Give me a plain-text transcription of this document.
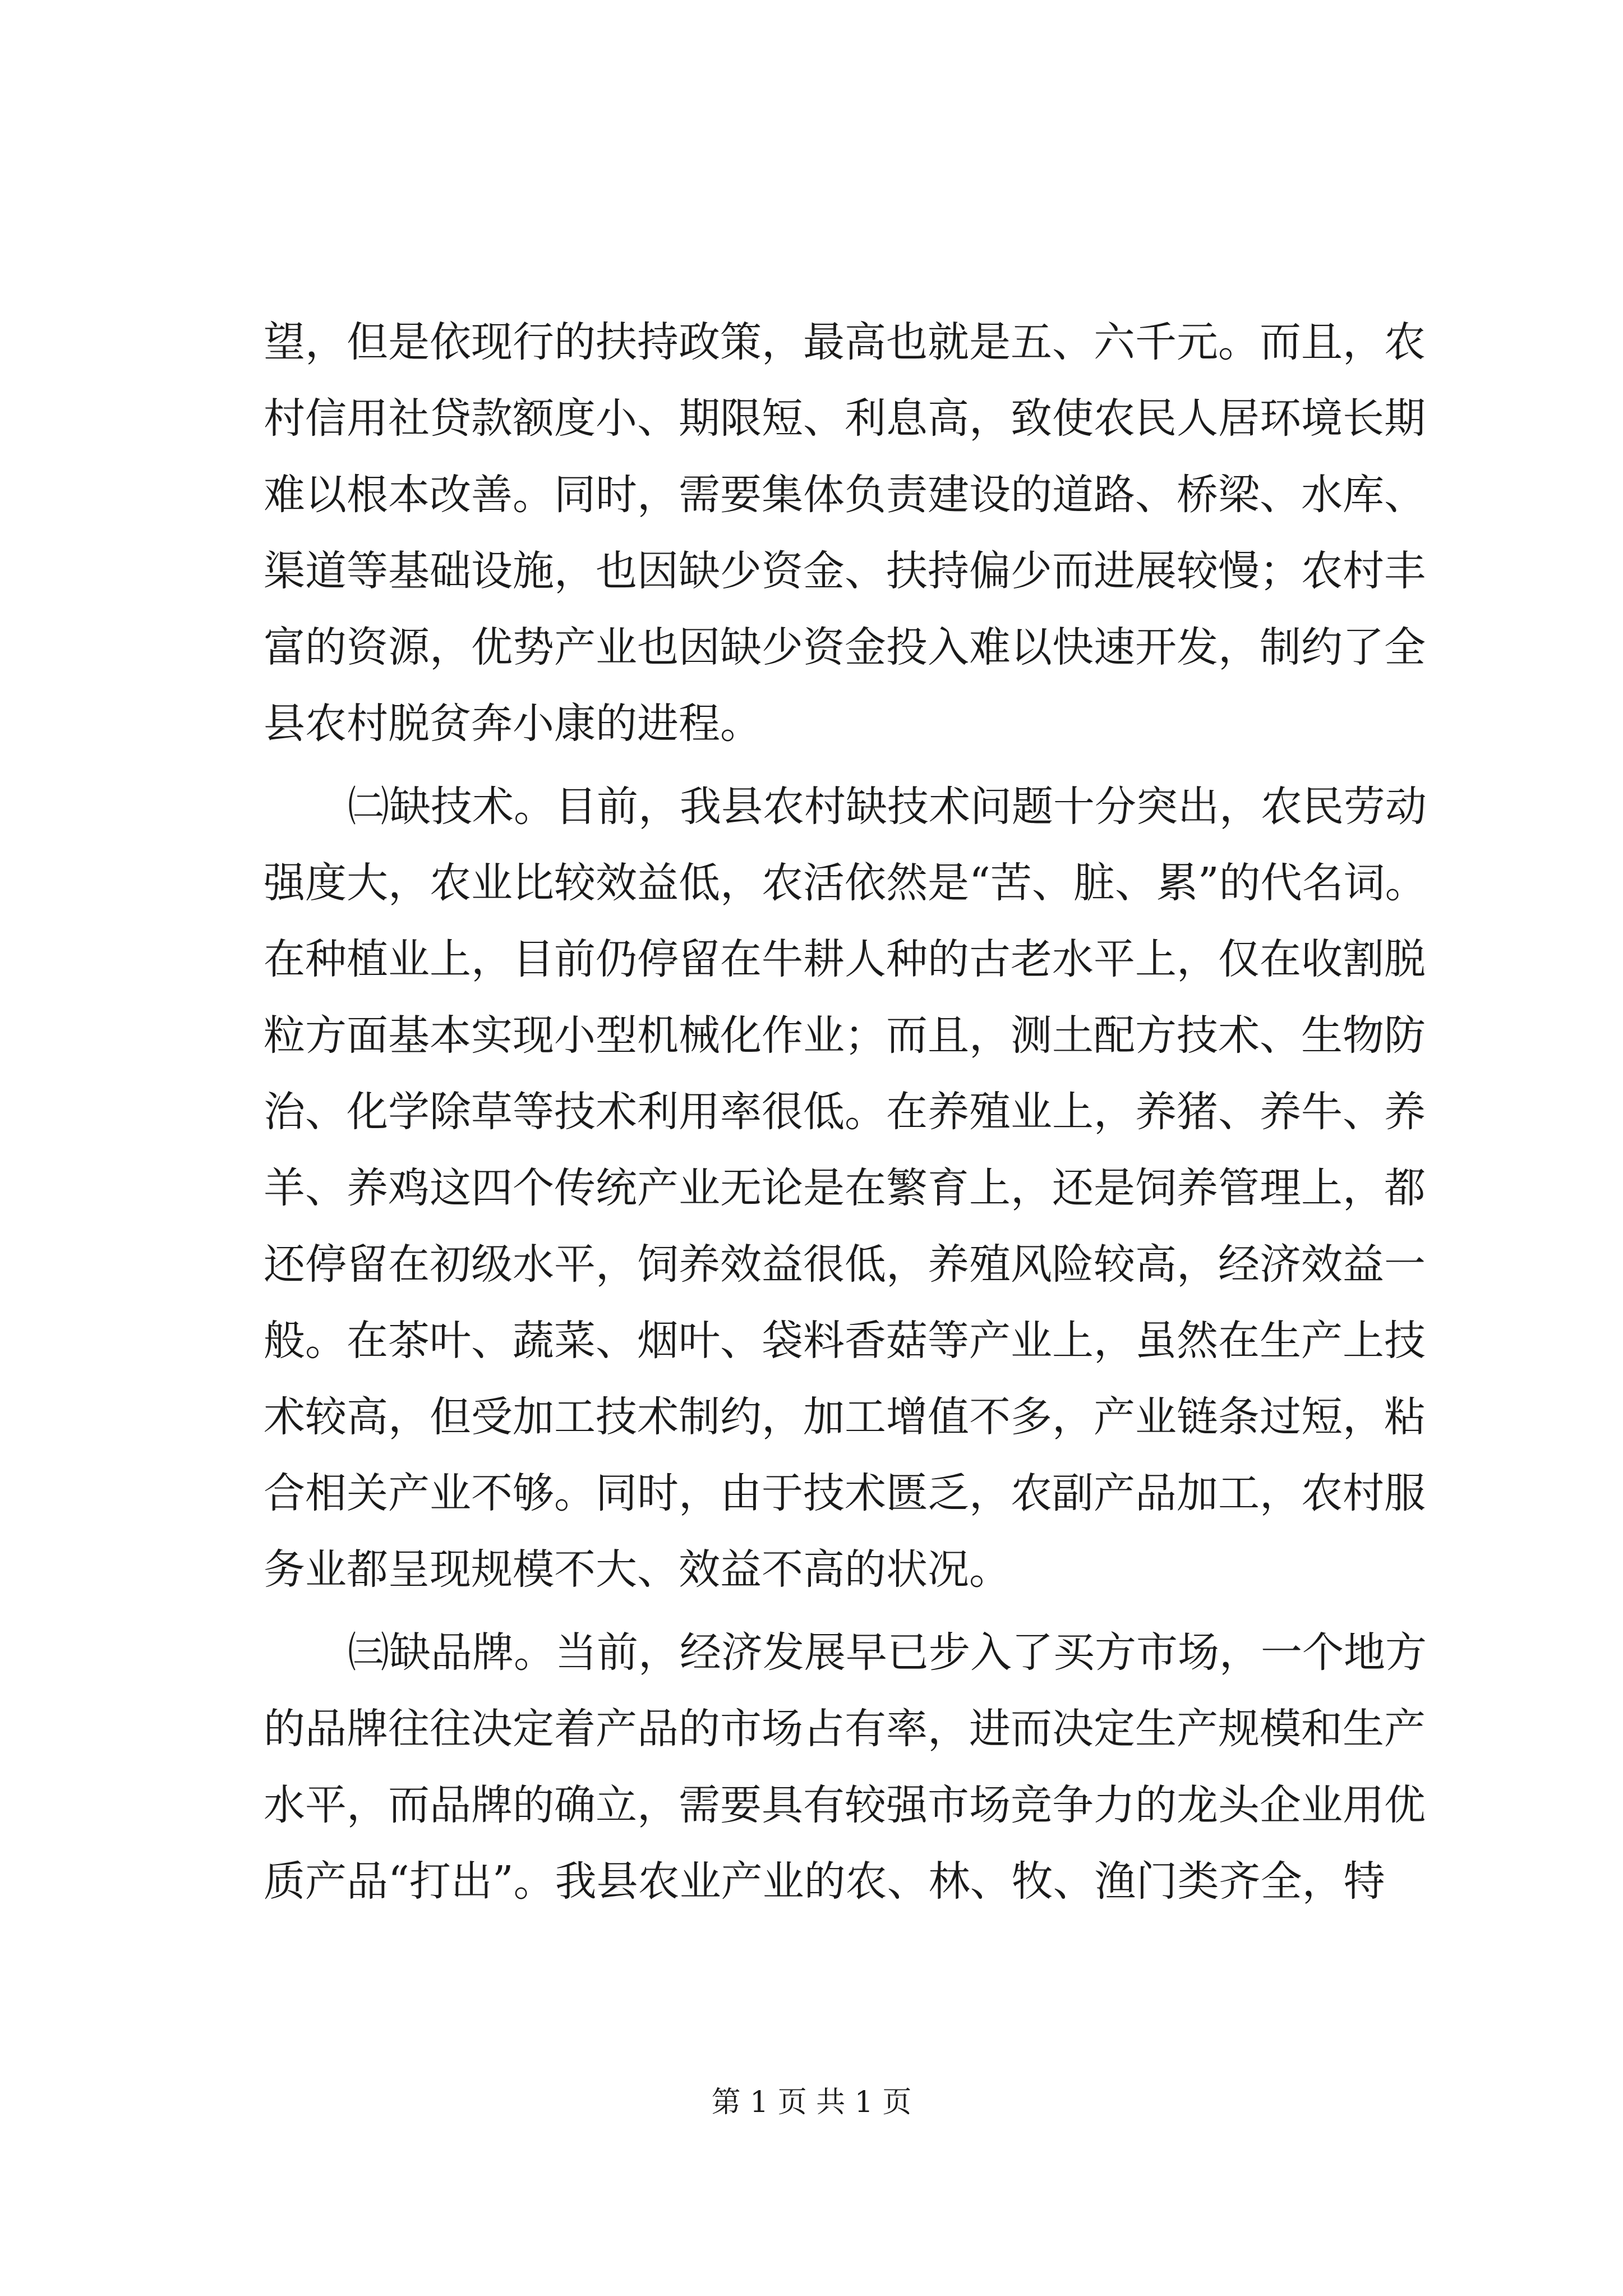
望，但是依现行的扶持政策，最高也就是五、六千元。而且，农
村信用社贷款额度小、期限短、利息高，致使农民人居环境长期
难以根本改善。同时，需要集体负责建设的道路、桥梁、水库、
渠道等基础设施，也因缺少资金、扶持偏少而进展较慢；农村丰
富的资源，优势产业也因缺少资金投入难以快速开发，制约了全
县农村脱贫奔小康的进程。
㈡缺技术。目前，我县农村缺技术问题十分突出，农民劳动
强度大，农业比较效益低，农活依然是“苦、脏、累”的代名词。
在种植业上，目前仍停留在牛耕人种的古老水平上，仅在收割脱
粒方面基本实现小型机械化作业；而且，测土配方技术、生物防
治、化学除草等技术利用率很低。在养殖业上，养猪、养牛、养
羊、养鸡这四个传统产业无论是在繁育上，还是饲养管理上，都
还停留在初级水平，饲养效益很低，养殖风险较高，经济效益一
般。在茶叶、蔬菜、烟叶、袋料香菇等产业上，虽然在生产上技
术较高，但受加工技术制约，加工增值不多，产业链条过短，粘
合相关产业不够。同时，由于技术匮乏，农副产品加工，农村服
务业都呈现规模不大、效益不高的状况。
㈢缺品牌。当前，经济发展早已步入了买方市场，一个地方
的品牌往往决定着产品的市场占有率，进而决定生产规模和生产
水平，而品牌的确立，需要具有较强市场竞争力的龙头企业用优
质产品“打出”。我县农业产业的农、林、牧、渔门类齐全，特
第 1 页 共 1 页
